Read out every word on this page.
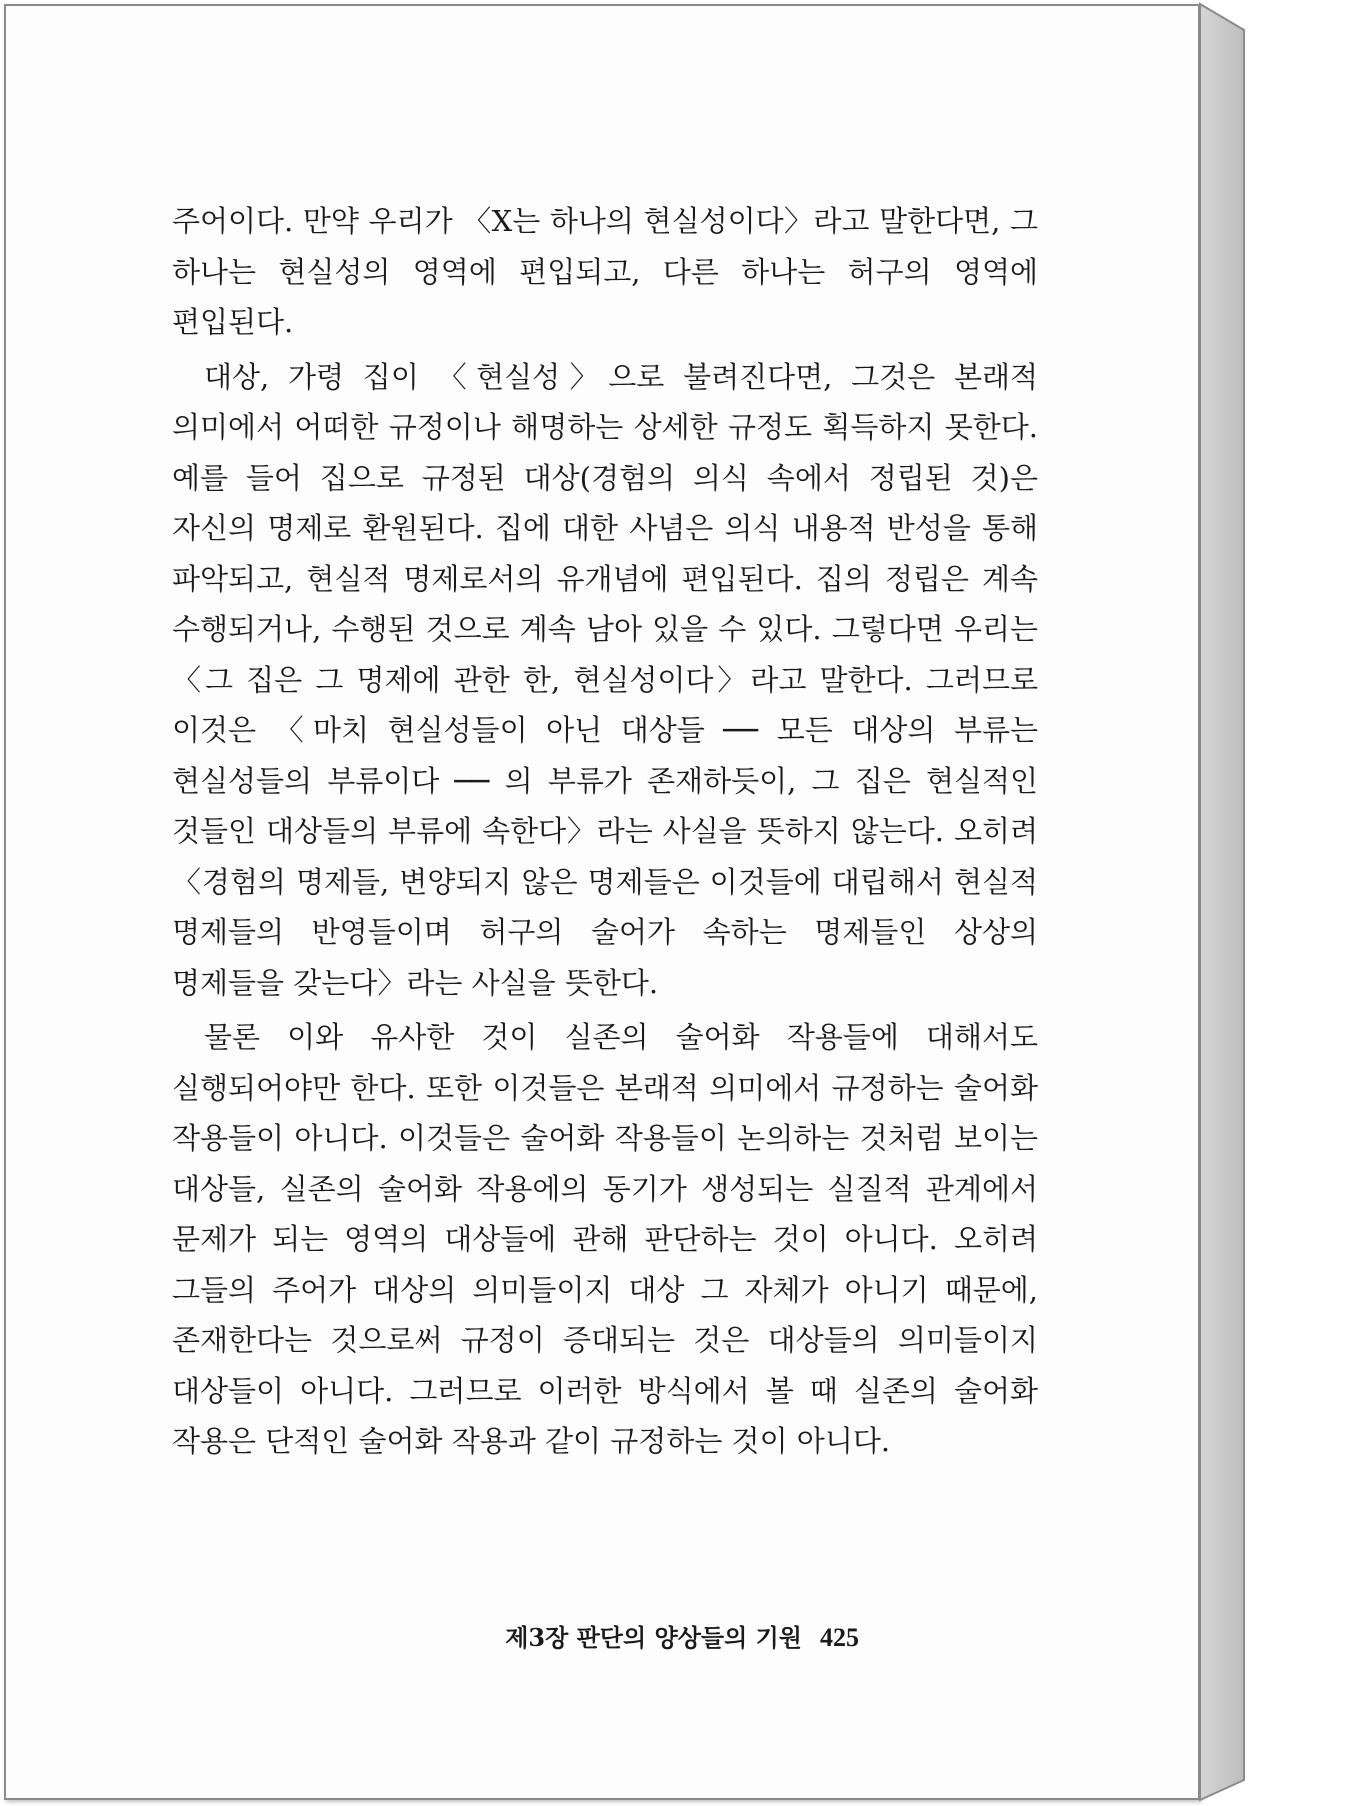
주어이다. 만약 우리가 〈X는 하나의 현실성이다〉라고 말한다면, 그 하나는 현실성의 영역에 편입되고, 다른 하나는 허구의 영역에 편입된다.

대상, 가령 집이 〈현실성〉으로 불려진다면, 그것은 본래적 의미에서 어떠한 규정이나 해명하는 상세한 규정도 획득하지 못한다. 예를 들어 집으로 규정된 대상(경험의 의식 속에서 정립된 것)은 자신의 명제로 환원된다. 집에 대한 사념은 의식 내용적 반성을 통해 파악되고, 현실적 명제로서의 유개념에 편입된다. 집의 정립은 계속 수행되거나, 수행된 것으로 계속 남아 있을 수 있다. 그렇다면 우리는 〈그 집은 그 명제에 관한 한, 현실성이다〉라고 말한다. 그러므로 이것은 〈마치 현실성들이 아닌 대상들 ── 모든 대상의 부류는 현실성들의 부류이다 ── 의 부류가 존재하듯이, 그 집은 현실적인 것들인 대상들의 부류에 속한다〉라는 사실을 뜻하지 않는다. 오히려 〈경험의 명제들, 변양되지 않은 명제들은 이것들에 대립해서 현실적 명제들의 반영들이며 허구의 술어가 속하는 명제들인 상상의 명제들을 갖는다〉라는 사실을 뜻한다.

물론 이와 유사한 것이 실존의 술어화 작용들에 대해서도 실행되어야만 한다. 또한 이것들은 본래적 의미에서 규정하는 술어화 작용들이 아니다. 이것들은 술어화 작용들이 논의하는 것처럼 보이는 대상들, 실존의 술어화 작용에의 동기가 생성되는 실질적 관계에서 문제가 되는 영역의 대상들에 관해 판단하는 것이 아니다. 오히려 그들의 주어가 대상의 의미들이지 대상 그 자체가 아니기 때문에, 존재한다는 것으로써 규정이 증대되는 것은 대상들의 의미들이지 대상들이 아니다. 그러므로 이러한 방식에서 볼 때 실존의 술어화 작용은 단적인 술어화 작용과 같이 규정하는 것이 아니다.

제3장 판단의 양상들의 기원 425
